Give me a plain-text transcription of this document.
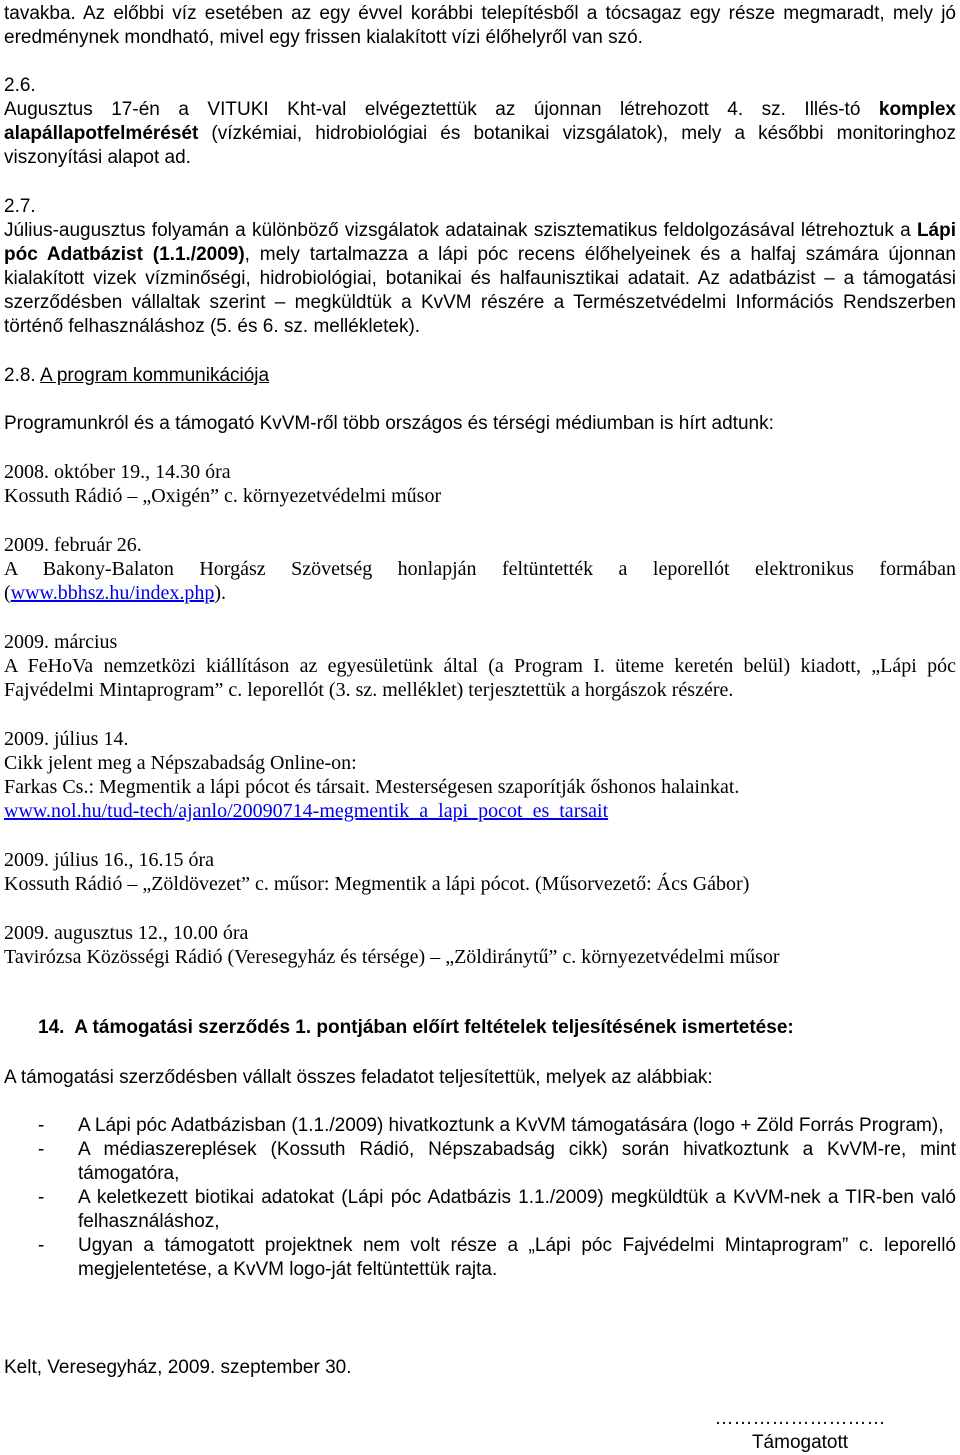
tavakba. Az előbbi víz esetében az egy évvel korábbi telepítésből a tócsagaz egy része megmaradt, mely jó eredménynek mondható, mivel egy frissen kialakított vízi élőhelyről van szó.

2.6.

Augusztus 17-én a VITUKI Kht-val elvégeztettük az újonnan létrehozott 4. sz. Illés-tó komplex alapállapotfelmérését (vízkémiai, hidrobiológiai és botanikai vizsgálatok), mely a későbbi monitoringhoz viszonyítási alapot ad.

2.7.

Július-augusztus folyamán a különböző vizsgálatok adatainak szisztematikus feldolgozásával létrehoztuk a Lápi póc Adatbázist (1.1./2009), mely tartalmazza a lápi póc recens élőhelyeinek és a halfaj számára újonnan kialakított vizek vízminőségi, hidrobiológiai, botanikai és halfaunisztikai adatait. Az adatbázist – a támogatási szerződésben vállaltak szerint – megküldtük a KvVM részére a Természetvédelmi Információs Rendszerben történő felhasználáshoz (5. és 6. sz. mellékletek).

2.8. A program kommunikációja

Programunkról és a támogató KvVM-ről több országos és térségi médiumban is hírt adtunk:

2008. október 19., 14.30 óra

Kossuth Rádió – „Oxigén” c. környezetvédelmi műsor

2009. február 26.

A Bakony-Balaton Horgász Szövetség honlapján feltüntették a leporellót elektronikus formában (www.bbhsz.hu/index.php).

2009. március

A FeHoVa nemzetközi kiállításon az egyesületünk által (a Program I. üteme keretén belül) kiadott, „Lápi póc Fajvédelmi Mintaprogram” c. leporellót (3. sz. melléklet) terjesztettük a horgászok részére.

2009. július 14.

Cikk jelent meg a Népszabadság Online-on:

Farkas Cs.: Megmentik a lápi pócot és társait. Mesterségesen szaporítják őshonos halainkat.

www.nol.hu/tud-tech/ajanlo/20090714-megmentik_a_lapi_pocot_es_tarsait

2009. július 16., 16.15 óra

Kossuth Rádió – „Zöldövezet” c. műsor: Megmentik a lápi pócot. (Műsorvezető: Ács Gábor)

2009. augusztus 12., 10.00 óra

Tavirózsa Közösségi Rádió (Veresegyház és térsége) – „Zöldiránytű” c. környezetvédelmi műsor

14.  A támogatási szerződés 1. pontjában előírt feltételek teljesítésének ismertetése:

A támogatási szerződésben vállalt összes feladatot teljesítettük, melyek az alábbiak:

- A Lápi póc Adatbázisban (1.1./2009) hivatkoztunk a KvVM támogatására (logo + Zöld Forrás Program),
- A médiaszereplések (Kossuth Rádió, Népszabadság cikk) során hivatkoztunk a KvVM-re, mint támogatóra,
- A keletkezett biotikai adatokat (Lápi póc Adatbázis 1.1./2009) megküldtük a KvVM-nek a TIR-ben való felhasználáshoz,
- Ugyan a támogatott projektnek nem volt része a „Lápi póc Fajvédelmi Mintaprogram” c. leporelló megjelentetése, a KvVM logo-ját feltüntettük rajta.

Kelt, Veresegyház, 2009. szeptember 30.

………………………

Támogatott
